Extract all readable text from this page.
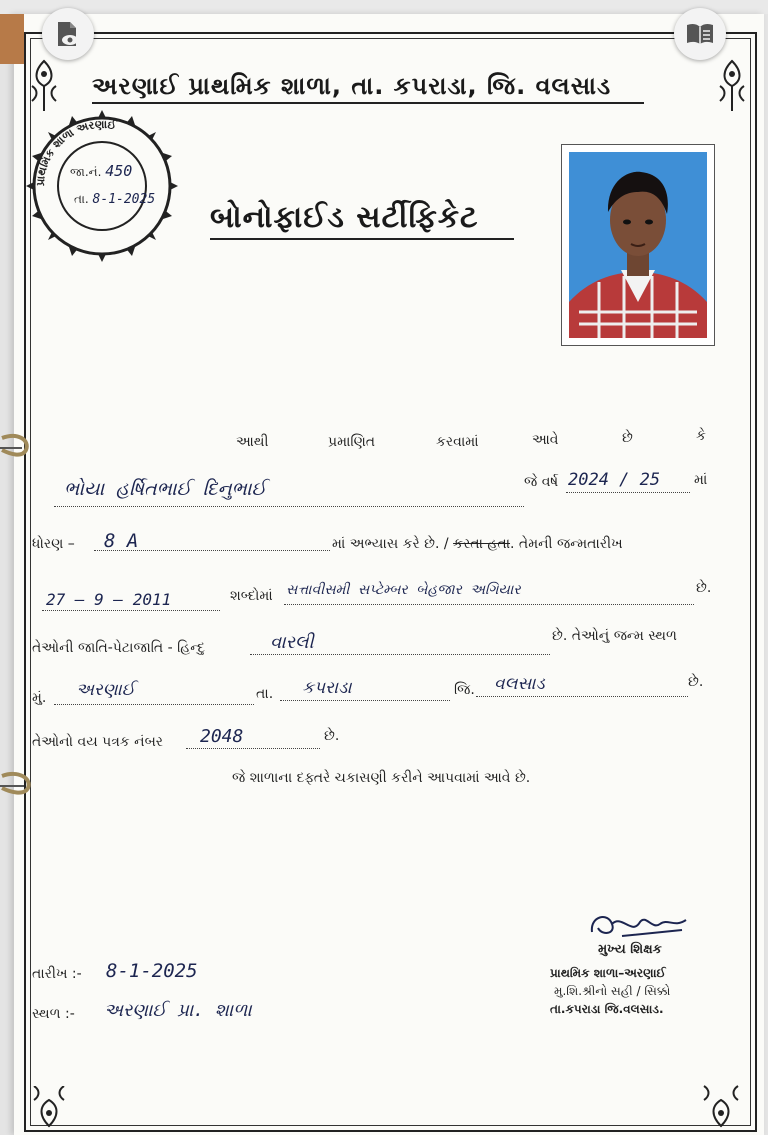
અરણાઈ પ્રાથમિક શાળા, તા. કપરાડા, જિ. વલસાડ
પ્રાથમિક શાળા અરણાઈ
જા.નં. 450
તા. 8-1-2025
બોનોફાઈડ સર્ટીફિકેટ
આથી	પ્રમાણિત	કરવામાં	આવે	છે	કે
ભોયા હર્ષિતભાઈ દિનુભાઈ	જે વર્ષ 2024 / 25 માં
ધોરણ – 8 A	માં અભ્યાસ કરે છે. / કરતા હતા. તેમની જન્મતારીખ
27 – 9 – 2011	શબ્દોમાં સત્તાવીસમી સપ્ટેમ્બર બેહજાર અગિયાર	છે.
તેઓની જાતિ-પેટાજાતિ - હિન્દુ	વારલી	છે. તેઓનું જન્મ સ્થળ
મું. અરણાઈ	તા. કપરાડા	જિ. વલસાડ	છે.
તેઓનો વય પત્રક નંબર 2048	છે.
જે શાળાના દફ્તરે ચકાસણી કરીને આપવામાં આવે છે.
મુખ્ય શિક્ષક
પ્રાથમિક શાળા–અરણાઈ
મુ.શિ.શ્રીનો સહી / સિક્કો
તા.કપરાડા જિ.વલસાડ.
તારીખ :- 8-1-2025
સ્થળ :- અરણાઈ પ્રા. શાળા
